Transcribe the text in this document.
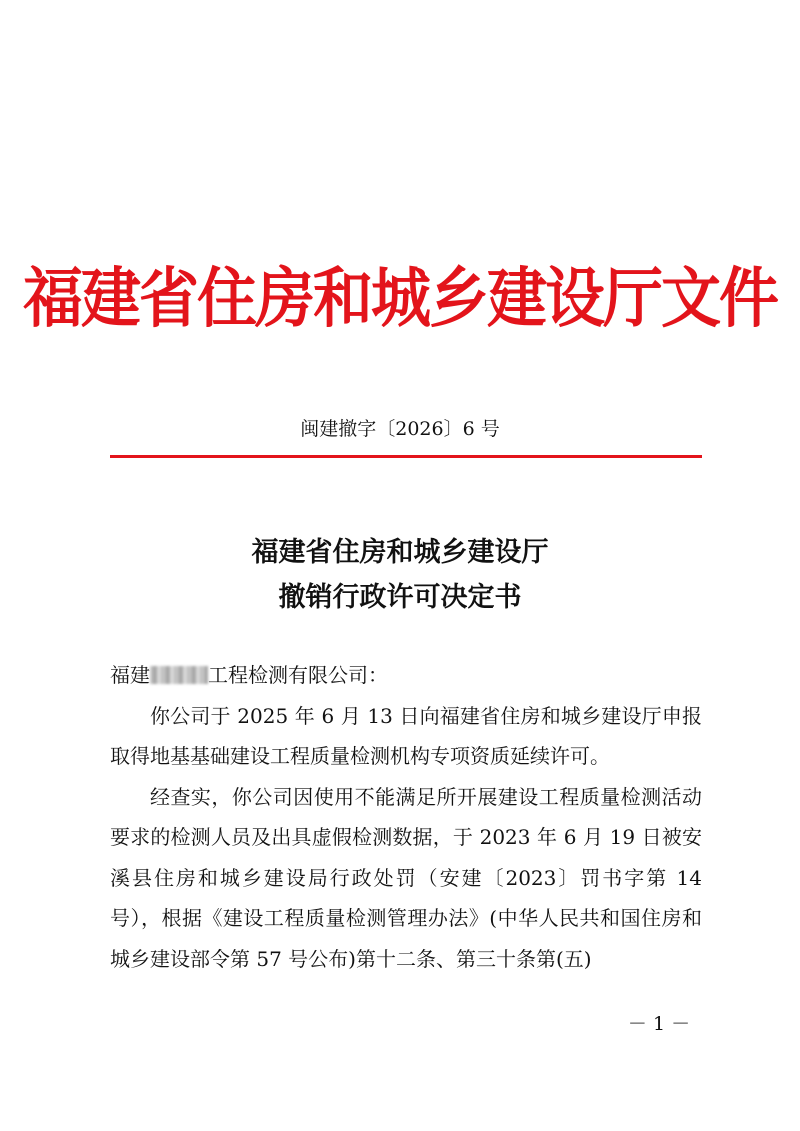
福建省住房和城乡建设厅文件
闽建撤字〔2026〕6 号
福建省住房和城乡建设厅
撤销行政许可决定书

福建	工程检测有限公司：

你公司于 2025 年 6 月 13 日向福建省住房和城乡建设厅申报取得地基基础建设工程质量检测机构专项资质延续许可。

经查实，你公司因使用不能满足所开展建设工程质量检测活动要求的检测人员及出具虚假检测数据，于 2023 年 6 月 19 日被安溪县住房和城乡建设局行政处罚（安建〔2023〕罚书字第 14 号），根据《建设工程质量检测管理办法》(中华人民共和国住房和城乡建设部令第 57 号公布)第十二条、第三十条第(五)

－ 1 －
